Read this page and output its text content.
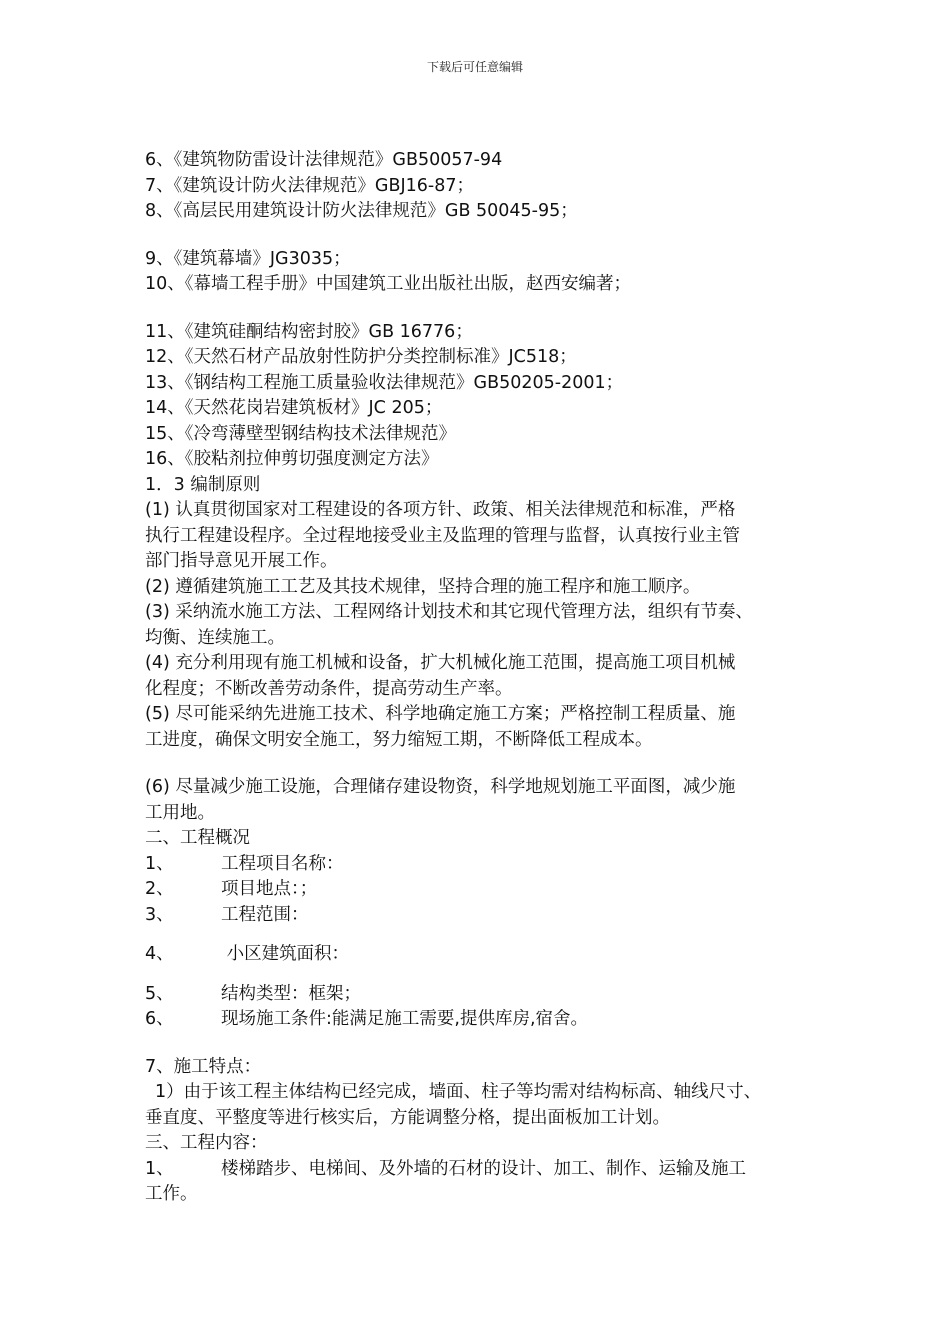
下载后可任意编辑
6、《建筑物防雷设计法律规范》GB50057-94
7、《建筑设计防火法律规范》GBJ16-87；
8、《高层民用建筑设计防火法律规范》GB 50045-95；
9、《建筑幕墙》JG3035；
10、《幕墙工程手册》中国建筑工业出版社出版，赵西安编著；
11、《建筑硅酮结构密封胶》GB 16776；
12、《天然石材产品放射性防护分类控制标准》JC518；
13、《钢结构工程施工质量验收法律规范》GB50205-2001；
14、《天然花岗岩建筑板材》JC 205；
15、《冷弯薄壁型钢结构技术法律规范》
16、《胶粘剂拉伸剪切强度测定方法》
1．3 编制原则
(1) 认真贯彻国家对工程建设的各项方针、政策、相关法律规范和标准，严格
执行工程建设程序。全过程地接受业主及监理的管理与监督，认真按行业主管
部门指导意见开展工作。
(2) 遵循建筑施工工艺及其技术规律，坚持合理的施工程序和施工顺序。
(3) 采纳流水施工方法、工程网络计划技术和其它现代管理方法，组织有节奏、
均衡、连续施工。
(4) 充分利用现有施工机械和设备，扩大机械化施工范围，提高施工项目机械
化程度；不断改善劳动条件，提高劳动生产率。
(5) 尽可能采纳先进施工技术、科学地确定施工方案；严格控制工程质量、施
工进度，确保文明安全施工，努力缩短工期，不断降低工程成本。
(6) 尽量减少施工设施，合理储存建设物资，科学地规划施工平面图，减少施
工用地。
二、工程概况
1、	工程项目名称：
2、	项目地点：；
3、	工程范围：
4、	小区建筑面积：
5、	结构类型：框架；
6、	现场施工条件:能满足施工需要,提供库房,宿舍。
7、施工特点：
1）由于该工程主体结构已经完成，墙面、柱子等均需对结构标高、轴线尺寸、
垂直度、平整度等进行核实后，方能调整分格，提出面板加工计划。
三、工程内容：
1、	楼梯踏步、电梯间、及外墙的石材的设计、加工、制作、运输及施工
工作。
